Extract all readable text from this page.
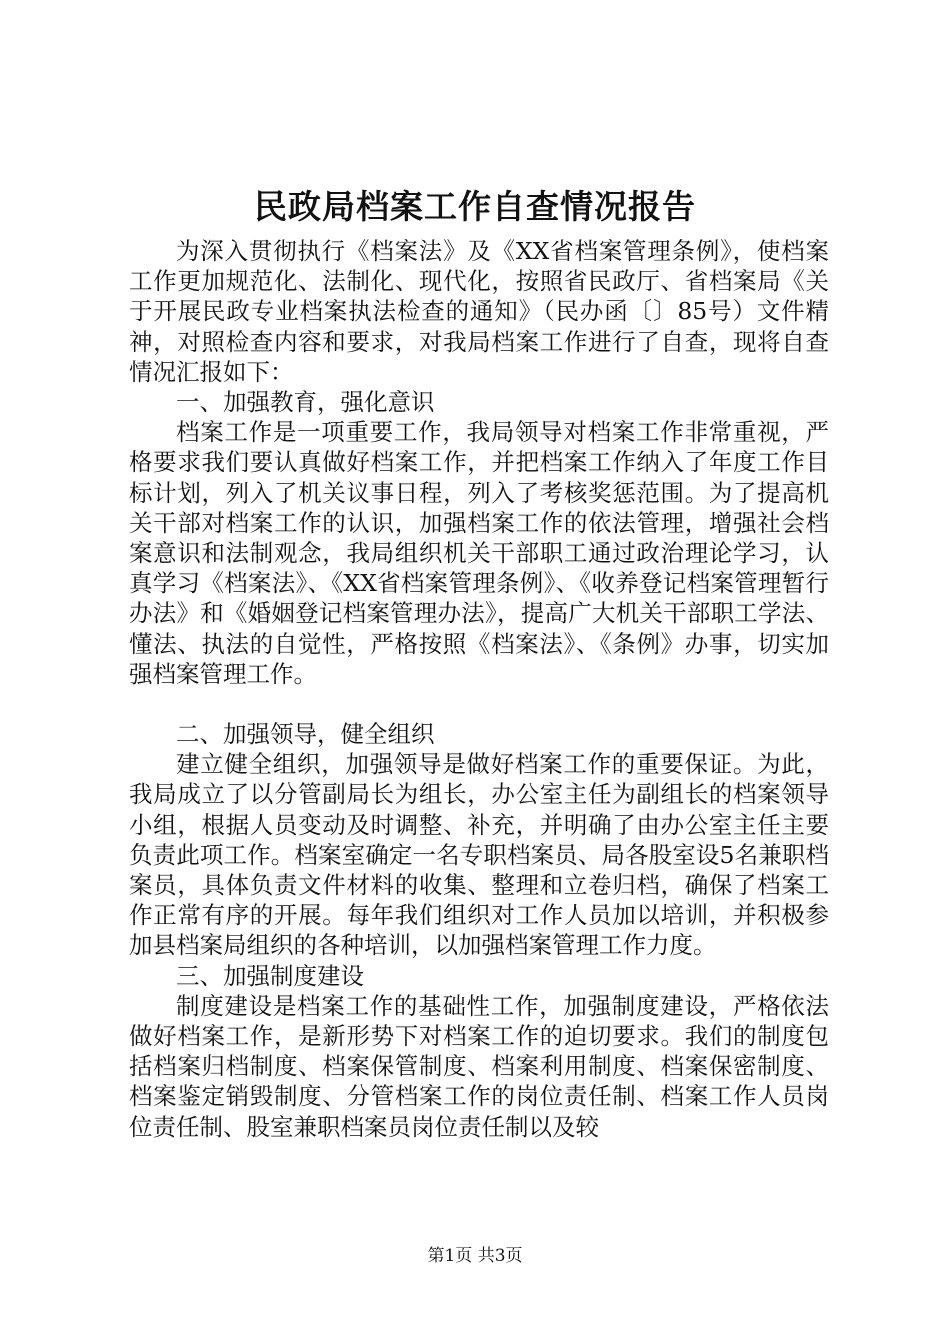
民政局档案工作自查情况报告

为深入贯彻执行《档案法》及《XX省档案管理条例》，使档案工作更加规范化、法制化、现代化，按照省民政厅、省档案局《关于开展民政专业档案执法检查的通知》（民办函〔〕85号）文件精神，对照检查内容和要求，对我局档案工作进行了自查，现将自查情况汇报如下：

一、加强教育，强化意识

档案工作是一项重要工作，我局领导对档案工作非常重视，严格要求我们要认真做好档案工作，并把档案工作纳入了年度工作目标计划，列入了机关议事日程，列入了考核奖惩范围。为了提高机关干部对档案工作的认识，加强档案工作的依法管理，增强社会档案意识和法制观念，我局组织机关干部职工通过政治理论学习，认真学习《档案法》、《XX省档案管理条例》、《收养登记档案管理暂行办法》和《婚姻登记档案管理办法》，提高广大机关干部职工学法、懂法、执法的自觉性，严格按照《档案法》、《条例》办事，切实加强档案管理工作。

二、加强领导，健全组织

建立健全组织，加强领导是做好档案工作的重要保证。为此，我局成立了以分管副局长为组长，办公室主任为副组长的档案领导小组，根据人员变动及时调整、补充，并明确了由办公室主任主要负责此项工作。档案室确定一名专职档案员、局各股室设5名兼职档案员，具体负责文件材料的收集、整理和立卷归档，确保了档案工作正常有序的开展。每年我们组织对工作人员加以培训，并积极参加县档案局组织的各种培训，以加强档案管理工作力度。

三、加强制度建设

制度建设是档案工作的基础性工作，加强制度建设，严格依法做好档案工作，是新形势下对档案工作的迫切要求。我们的制度包括档案归档制度、档案保管制度、档案利用制度、档案保密制度、档案鉴定销毁制度、分管档案工作的岗位责任制、档案工作人员岗位责任制、股室兼职档案员岗位责任制以及较

第1页 共3页
